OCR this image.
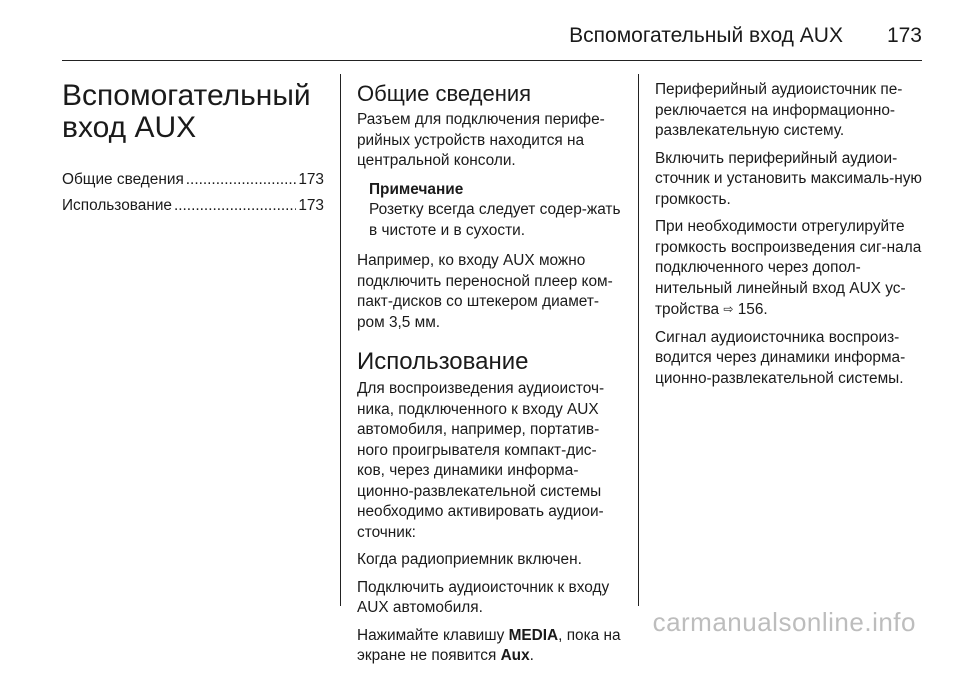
Вспомогательный вход AUX 173
Вспомогательный
вход AUX
Общие сведения .....	173
Использование .....	173
Общие сведения

Разъем для подключения перифе-рийных устройств находится на центральной консоли.

Примечание
Розетку всегда следует содер-жать в чистоте и в сухости.

Например, ко входу AUX можно подключить переносной плеер ком-пакт-дисков со штекером диамет-ром 3,5 мм.

Использование

Для воспроизведения аудиоисточ-ника, подключенного к входу AUX автомобиля, например, портатив-ного проигрывателя компакт-дис-ков, через динамики информа-ционно-развлекательной системы необходимо активировать аудиои-сточник:

Когда радиоприемник включен.

Подключить аудиоисточник к входу AUX автомобиля.

Нажимайте клавишу MEDIA, пока на экране не появится Aux.

Периферийный аудиоисточник пе-реключается на информационно-развлекательную систему.

Включить периферийный аудиои-сточник и установить максималь-ную громкость.

При необходимости отрегулируйте громкость воспроизведения сиг-нала подключенного через допол-нительный линейный вход AUX ус-тройства ⇨ 156.

Сигнал аудиоисточника воспроиз-водится через динамики информа-ционно-развлекательной системы.

carmanualsonline.info
